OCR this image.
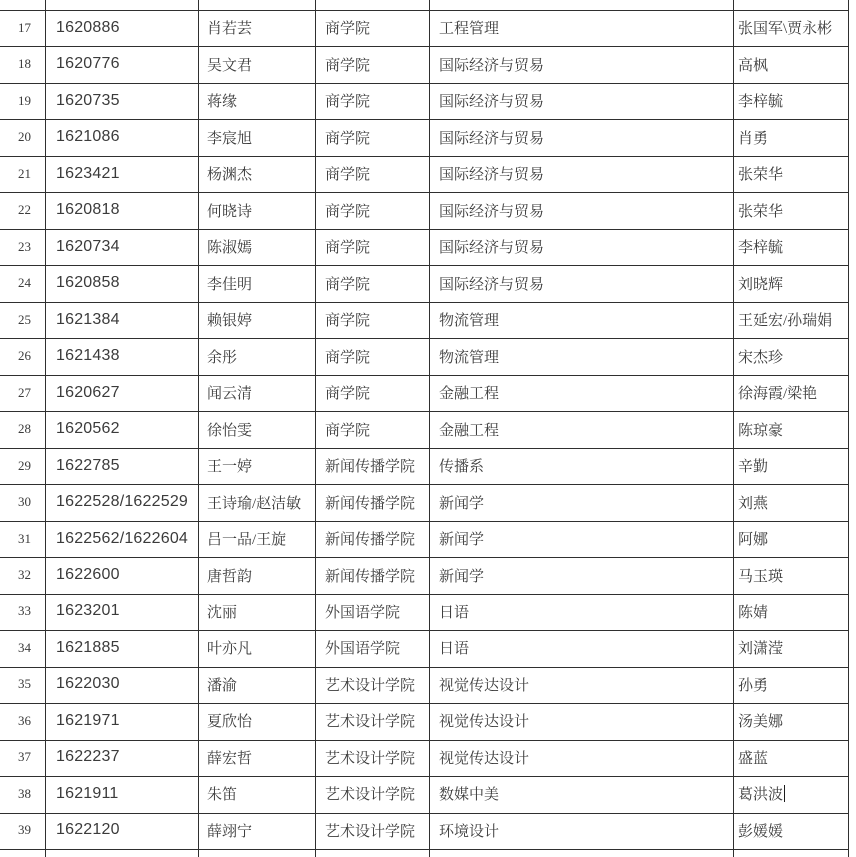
17	1620886	肖若芸	商学院	工程管理	张国军\贾永彬
18	1620776	吴文君	商学院	国际经济与贸易	高枫
19	1620735	蒋缘	商学院	国际经济与贸易	李梓毓
20	1621086	李宸旭	商学院	国际经济与贸易	肖勇
21	1623421	杨渊杰	商学院	国际经济与贸易	张荣华
22	1620818	何晓诗	商学院	国际经济与贸易	张荣华
23	1620734	陈淑嫣	商学院	国际经济与贸易	李梓毓
24	1620858	李佳明	商学院	国际经济与贸易	刘晓辉
25	1621384	赖银婷	商学院	物流管理	王延宏/孙瑞娟
26	1621438	余彤	商学院	物流管理	宋杰珍
27	1620627	闻云清	商学院	金融工程	徐海霞/梁艳
28	1620562	徐怡雯	商学院	金融工程	陈琼豪
29	1622785	王一婷	新闻传播学院	传播系	辛勤
30	1622528/1622529	王诗瑜/赵洁敏	新闻传播学院	新闻学	刘燕
31	1622562/1622604	吕一品/王旋	新闻传播学院	新闻学	阿娜
32	1622600	唐哲韵	新闻传播学院	新闻学	马玉瑛
33	1623201	沈丽	外国语学院	日语	陈婧
34	1621885	叶亦凡	外国语学院	日语	刘潇滢
35	1622030	潘渝	艺术设计学院	视觉传达设计	孙勇
36	1621971	夏欣怡	艺术设计学院	视觉传达设计	汤美娜
37	1622237	薛宏哲	艺术设计学院	视觉传达设计	盛蓝
38	1621911	朱笛	艺术设计学院	数媒中美	葛洪波
39	1622120	薛翊宁	艺术设计学院	环境设计	彭媛媛
